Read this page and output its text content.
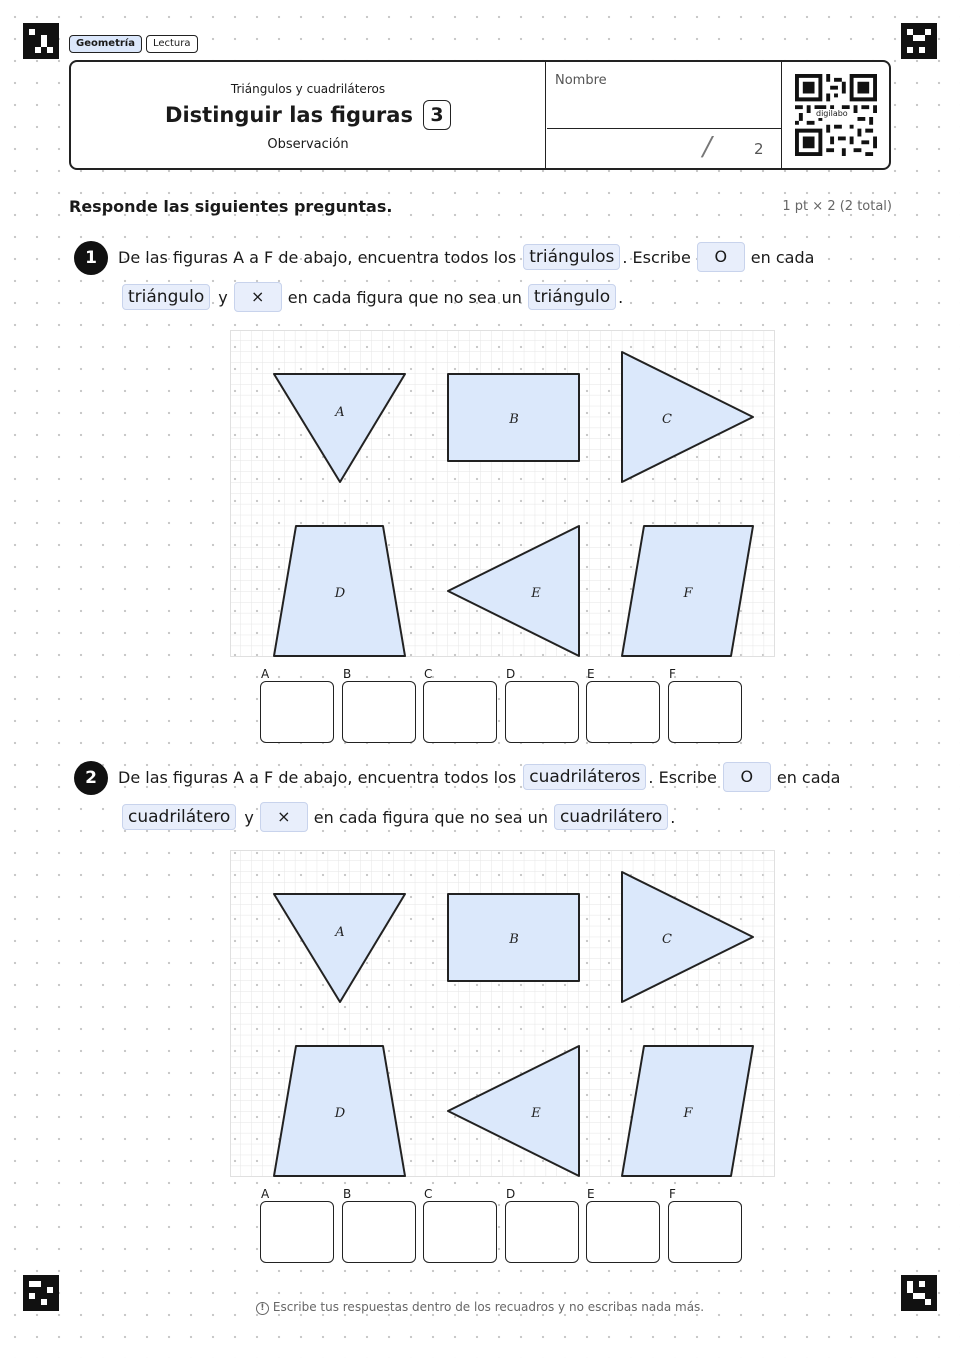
Geometría	Lectura
Triángulos y cuadriláteros
Distinguir las figuras 3
Observación
Nombre
/	2
digilabo
Responde las siguientes preguntas.	1 pt × 2 (2 total)
1	De las figuras A a F de abajo, encuentra todos los triángulos . Escribe	O	en cada
triángulo y	×	en cada figura que no sea un triángulo .
A	B	C
D	E	F
A	B	C	D	E	F
2	De las figuras A a F de abajo, encuentra todos los cuadriláteros . Escribe	O	en cada
cuadrilátero y	×	en cada figura que no sea un cuadrilátero .
A	B	C
D	E	F
A	B	C	D	E	F
! Escribe tus respuestas dentro de los recuadros y no escribas nada más.
